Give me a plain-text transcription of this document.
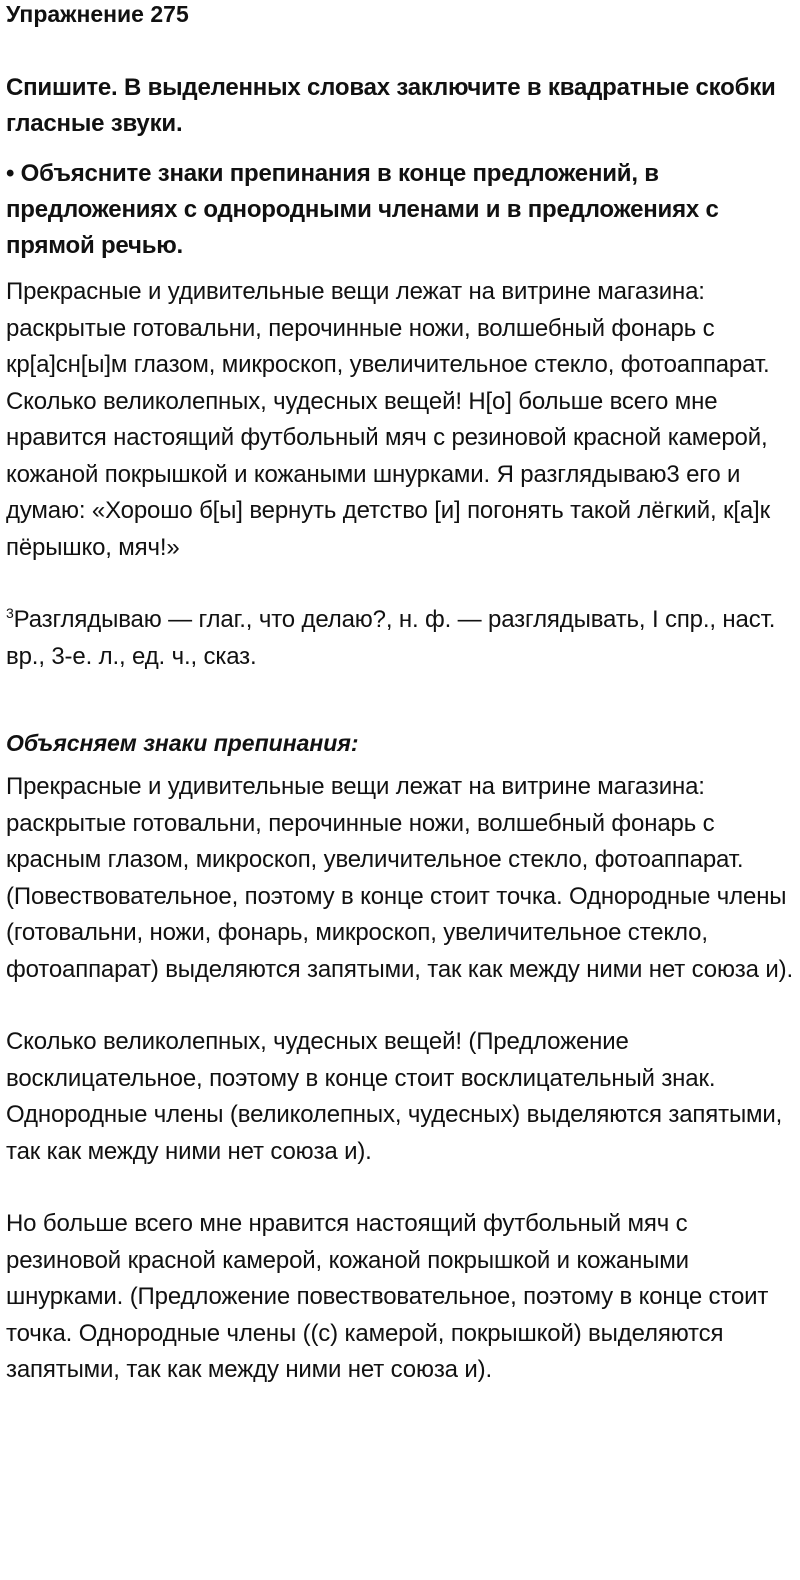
Упражнение 275

Спишите. В выделенных словах заключите в квадратные скобки гласные звуки.

• Объясните знаки препинания в конце предложений, в предложениях с однородными членами и в предложениях с прямой речью.

Прекрасные и удивительные вещи лежат на витрине магазина: раскрытые готовальни, перочинные ножи, волшебный фонарь с кр[а]сн[ы]м глазом, микроскоп, увеличительное стекло, фотоаппарат. Сколько великолепных, чудесных вещей! Н[о] больше всего мне нравится настоящий футбольный мяч с резиновой красной камерой, кожаной покрышкой и кожаными шнурками. Я разглядываю3 его и думаю: «Хорошо б[ы] вернуть детство [и] погонять такой лёгкий, к[а]к пёрышко, мяч!»

$^3$Разглядываю — глаг., что делаю?, н. ф. — разглядывать, I спр., наст. вр., 3-е. л., ед. ч., сказ.

Объясняем знаки препинания:

Прекрасные и удивительные вещи лежат на витрине магазина: раскрытые готовальни, перочинные ножи, волшебный фонарь с красным глазом, микроскоп, увеличительное стекло, фотоаппарат. (Повествовательное, поэтому в конце стоит точка. Однородные члены (готовальни, ножи, фонарь, микроскоп, увеличительное стекло, фотоаппарат) выделяются запятыми, так как между ними нет союза и).

Сколько великолепных, чудесных вещей! (Предложение восклицательное, поэтому в конце стоит восклицательный знак. Однородные члены (великолепных, чудесных) выделяются запятыми, так как между ними нет союза и).

Но больше всего мне нравится настоящий футбольный мяч с резиновой красной камерой, кожаной покрышкой и кожаными шнурками. (Предложение повествовательное, поэтому в конце стоит точка. Однородные члены ((с) камерой, покрышкой) выделяются запятыми, так как между ними нет союза и).
